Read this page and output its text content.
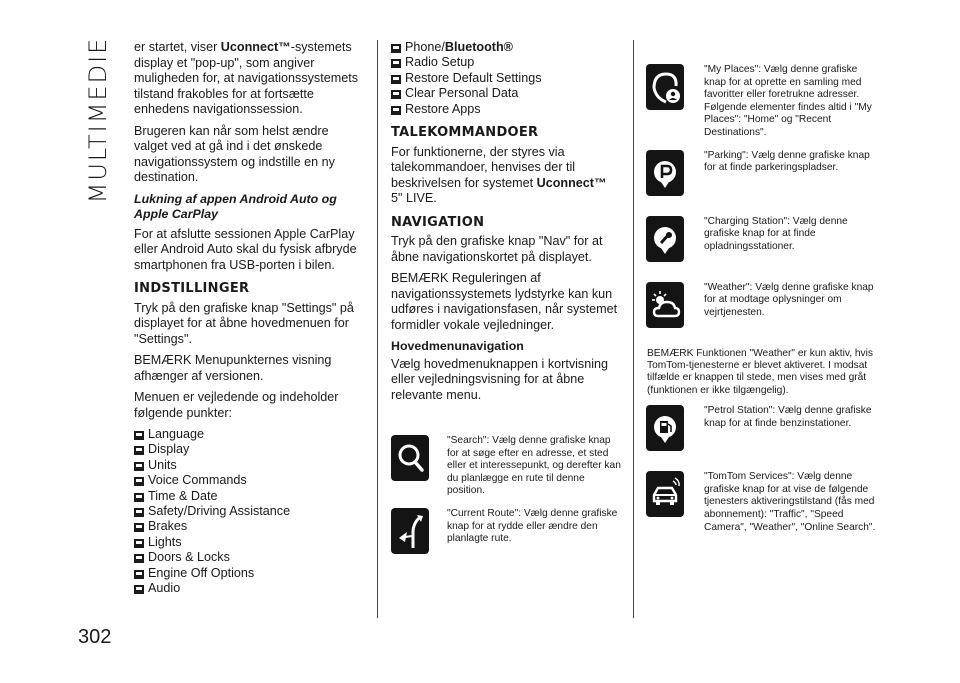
MULTIMEDIE er startet, viser Uconnect™-systemets display et "pop-up", som angiver muligheden for, at navigationssystemets tilstand frakobles for at fortsætte enhedens navigationssession.

Brugeren kan når som helst ændre valget ved at gå ind i det ønskede navigationssystem og indstille en ny destination.

Lukning af appen Android Auto og Apple CarPlay

For at afslutte sessionen Apple CarPlay eller Android Auto skal du fysisk afbryde smartphonen fra USB-porten i bilen.

INDSTILLINGER

Tryk på den grafiske knap "Settings" på displayet for at åbne hovedmenuen for "Settings".

BEMÆRK Menupunkternes visning afhænger af versionen.

Menuen er vejledende og indeholder følgende punkter:

Language
Display
Units
Voice Commands
Time & Date
Safety/Driving Assistance
Brakes
Lights
Doors & Locks
Engine Off Options
Audio
Phone/Bluetooth®
Radio Setup
Restore Default Settings
Clear Personal Data
Restore Apps
TALEKOMMANDOER

For funktionerne, der styres via talekommandoer, henvises der til beskrivelsen for systemet Uconnect™ 5" LIVE.

NAVIGATION

Tryk på den grafiske knap "Nav" for at åbne navigationskortet på displayet.

BEMÆRK Reguleringen af navigationssystemets lydstyrke kan kun udføres i navigationsfasen, når systemet formidler vokale vejledninger.

Hovedmenunavigation

Vælg hovedmenuknappen i kortvisning eller vejledningsvisning for at åbne relevante menu.

"Search": Vælg denne grafiske knap for at søge efter en adresse, et sted eller et interessepunkt, og derefter kan du planlægge en rute til denne position.
"Current Route": Vælg denne grafiske knap for at rydde eller ændre den planlagte rute.
"My Places": Vælg denne grafiske knap for at oprette en samling med favoritter eller foretrukne adresser. Følgende elementer findes altid i "My Places": "Home" og "Recent Destinations".
"Parking": Vælg denne grafiske knap for at finde parkeringspladser.
"Charging Station": Vælg denne grafiske knap for at finde opladningsstationer.
"Weather": Vælg denne grafiske knap for at modtage oplysninger om vejrtjenesten.

BEMÆRK Funktionen "Weather" er kun aktiv, hvis TomTom-tjenesterne er blevet aktiveret. I modsat tilfælde er knappen til stede, men vises med gråt (funktionen er ikke tilgængelig).

"Petrol Station": Vælg denne grafiske knap for at finde benzinstationer.
"TomTom Services": Vælg denne grafiske knap for at vise de følgende tjenesters aktiveringstilstand (fås med abonnement): "Traffic", "Speed Camera", "Weather", "Online Search".
302
